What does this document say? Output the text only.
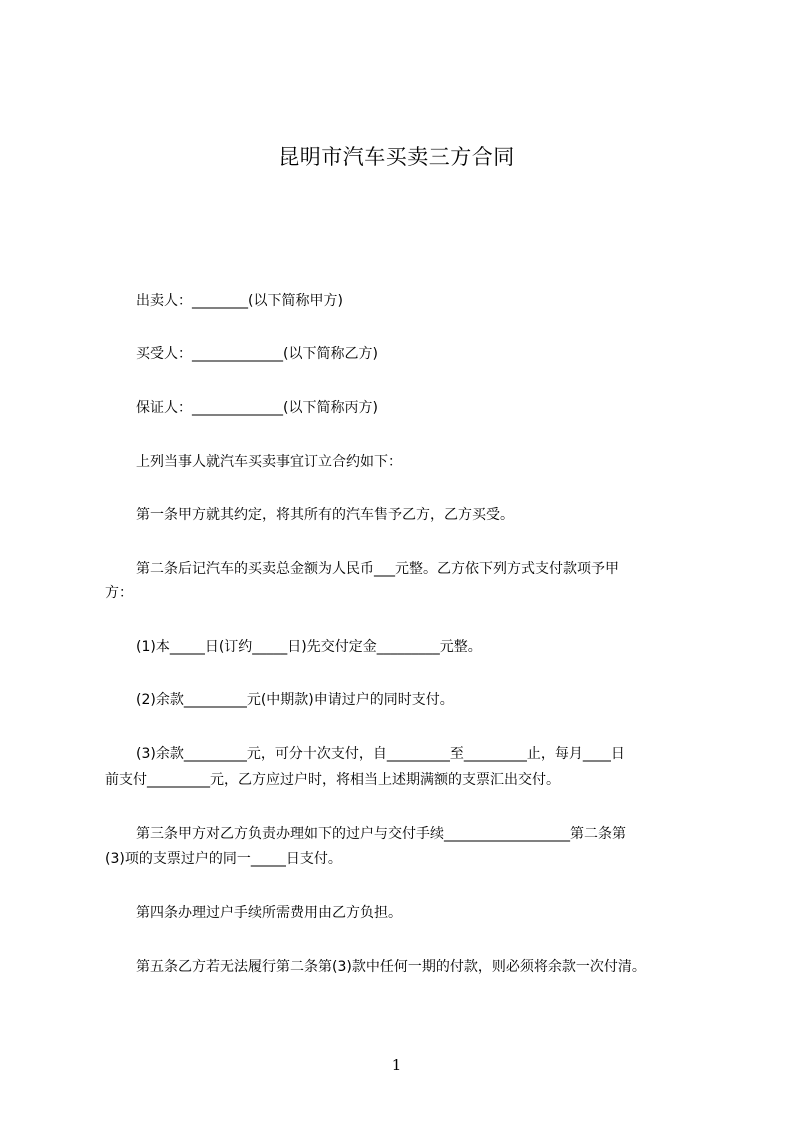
昆明市汽车买卖三方合同
出卖人：________(以下简称甲方)
买受人：_____________(以下简称乙方)
保证人：_____________(以下简称丙方)
上列当事人就汽车买卖事宜订立合约如下：
第一条甲方就其约定，将其所有的汽车售予乙方，乙方买受。
第二条后记汽车的买卖总金额为人民币___元整。乙方依下列方式支付款项予甲
方：
(1)本_____日(订约_____日)先交付定金_________元整。
(2)余款_________元(中期款)申请过户的同时支付。
(3)余款_________元，可分十次支付，自_________至_________止，每月____日
前支付_________元，乙方应过户时，将相当上述期满额的支票汇出交付。
第三条甲方对乙方负责办理如下的过户与交付手续__________________第二条第
(3)项的支票过户的同一_____日支付。
第四条办理过户手续所需费用由乙方负担。
第五条乙方若无法履行第二条第(3)款中任何一期的付款，则必须将余款一次付清。
1
